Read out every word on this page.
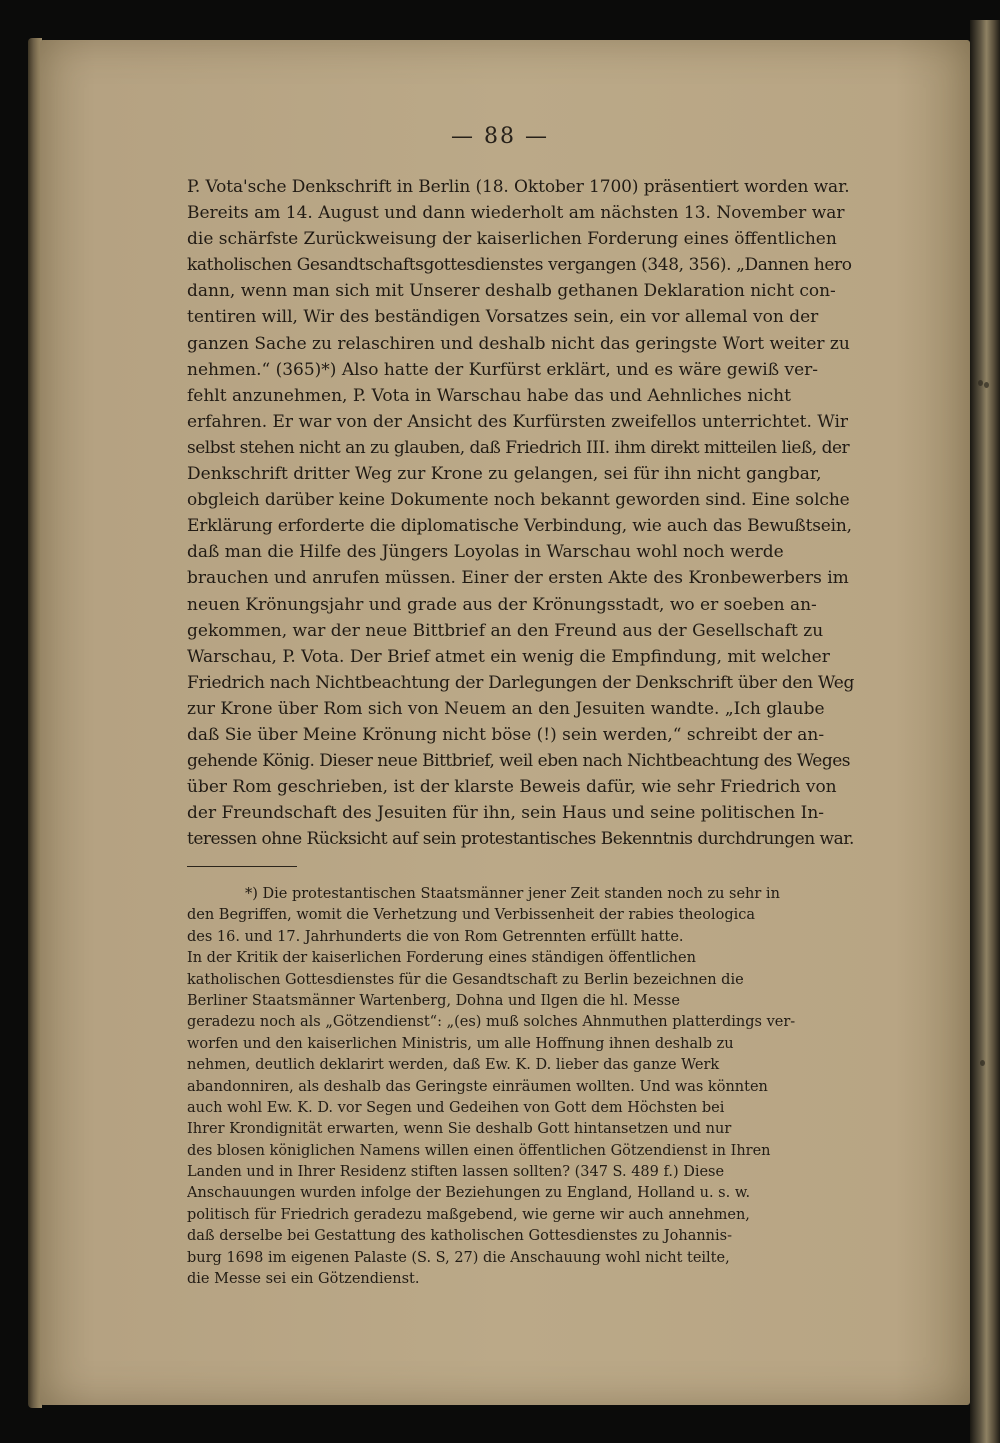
— 88 —
P. Vota'sche Denkschrift in Berlin (18. Oktober 1700) präsentiert worden war.
Bereits am 14. August und dann wiederholt am nächsten 13. November war
die schärfste Zurückweisung der kaiserlichen Forderung eines öffentlichen
katholischen Gesandtschaftsgottesdienstes vergangen (348, 356). „Dannen hero
dann, wenn man sich mit Unserer deshalb gethanen Deklaration nicht con-
tentiren will, Wir des beständigen Vorsatzes sein, ein vor allemal von der
ganzen Sache zu relaschiren und deshalb nicht das geringste Wort weiter zu
nehmen.“ (365)*) Also hatte der Kurfürst erklärt, und es wäre gewiß ver-
fehlt anzunehmen, P. Vota in Warschau habe das und Aehnliches nicht
erfahren. Er war von der Ansicht des Kurfürsten zweifellos unterrichtet. Wir
selbst stehen nicht an zu glauben, daß Friedrich III. ihm direkt mitteilen ließ, der
Denkschrift dritter Weg zur Krone zu gelangen, sei für ihn nicht gangbar,
obgleich darüber keine Dokumente noch bekannt geworden sind. Eine solche
Erklärung erforderte die diplomatische Verbindung, wie auch das Bewußtsein,
daß man die Hilfe des Jüngers Loyolas in Warschau wohl noch werde
brauchen und anrufen müssen. Einer der ersten Akte des Kronbewerbers im
neuen Krönungsjahr und grade aus der Krönungsstadt, wo er soeben an-
gekommen, war der neue Bittbrief an den Freund aus der Gesellschaft zu
Warschau, P. Vota. Der Brief atmet ein wenig die Empfindung, mit welcher
Friedrich nach Nichtbeachtung der Darlegungen der Denkschrift über den Weg
zur Krone über Rom sich von Neuem an den Jesuiten wandte. „Ich glaube
daß Sie über Meine Krönung nicht böse (!) sein werden,“ schreibt der an-
gehende König. Dieser neue Bittbrief, weil eben nach Nichtbeachtung des Weges
über Rom geschrieben, ist der klarste Beweis dafür, wie sehr Friedrich von
der Freundschaft des Jesuiten für ihn, sein Haus und seine politischen In-
teressen ohne Rücksicht auf sein protestantisches Bekenntnis durchdrungen war.
*) Die protestantischen Staatsmänner jener Zeit standen noch zu sehr in
den Begriffen, womit die Verhetzung und Verbissenheit der rabies theologica
des 16. und 17. Jahrhunderts die von Rom Getrennten erfüllt hatte.
In der Kritik der kaiserlichen Forderung eines ständigen öffentlichen
katholischen Gottesdienstes für die Gesandtschaft zu Berlin bezeichnen die
Berliner Staatsmänner Wartenberg, Dohna und Ilgen die hl. Messe
geradezu noch als „Götzendienst“: „(es) muß solches Ahnmuthen platterdings ver-
worfen und den kaiserlichen Ministris, um alle Hoffnung ihnen deshalb zu
nehmen, deutlich deklarirt werden, daß Ew. K. D. lieber das ganze Werk
abandonniren, als deshalb das Geringste einräumen wollten. Und was könnten
auch wohl Ew. K. D. vor Segen und Gedeihen von Gott dem Höchsten bei
Ihrer Krondignität erwarten, wenn Sie deshalb Gott hintansetzen und nur
des blosen königlichen Namens willen einen öffentlichen Götzendienst in Ihren
Landen und in Ihrer Residenz stiften lassen sollten? (347 S. 489 f.) Diese
Anschauungen wurden infolge der Beziehungen zu England, Holland u. s. w.
politisch für Friedrich geradezu maßgebend, wie gerne wir auch annehmen,
daß derselbe bei Gestattung des katholischen Gottesdienstes zu Johannis-
burg 1698 im eigenen Palaste (S. S, 27) die Anschauung wohl nicht teilte,
die Messe sei ein Götzendienst.
